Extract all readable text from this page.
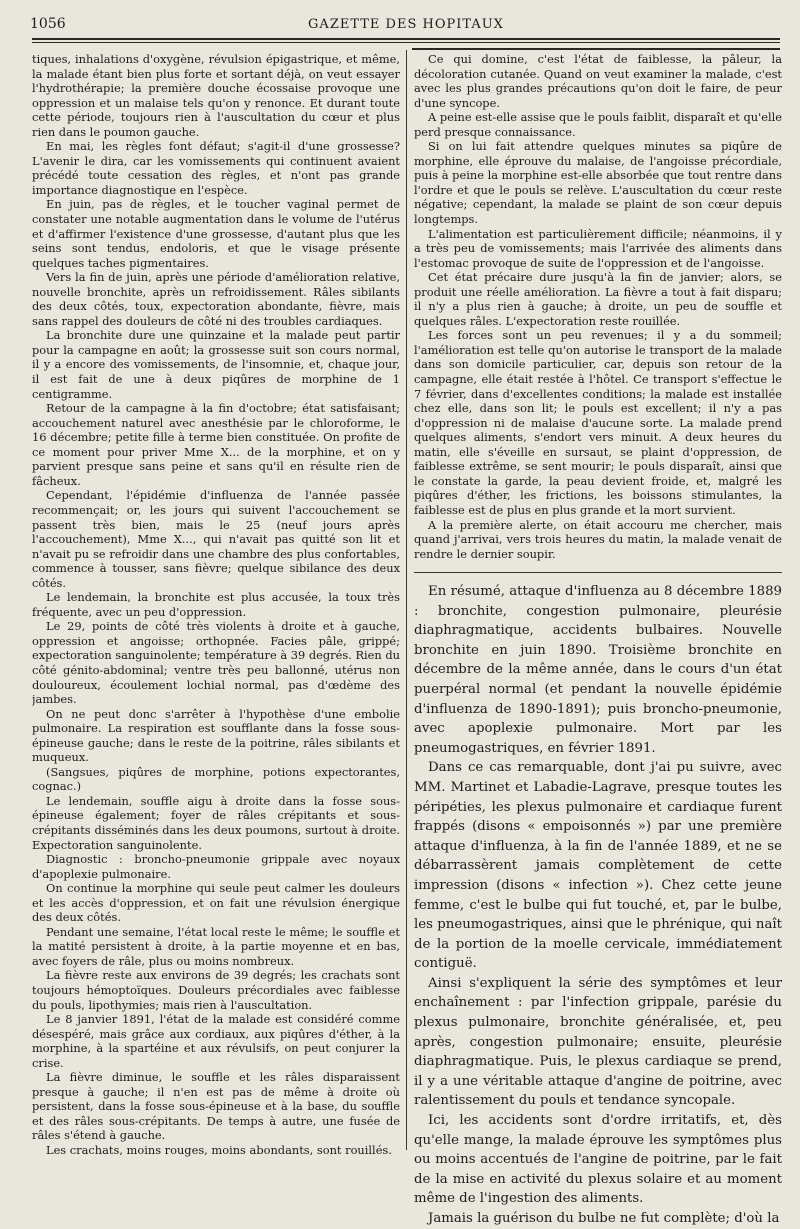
1056	GAZETTE DES HOPITAUX

tiques, inhalations d'oxygène, révulsion épigastrique, et même, la malade étant bien plus forte et sortant déjà, on veut essayer l'hydrothérapie; la première douche écossaise provoque une oppression et un malaise tels qu'on y renonce. Et durant toute cette période, toujours rien à l'auscultation du cœur et plus rien dans le poumon gauche.

En mai, les règles font défaut; s'agit-il d'une grossesse? L'avenir le dira, car les vomissements qui continuent avaient précédé toute cessation des règles, et n'ont pas grande importance diagnostique en l'espèce.

En juin, pas de règles, et le toucher vaginal permet de constater une notable augmentation dans le volume de l'utérus et d'affirmer l'existence d'une grossesse, d'autant plus que les seins sont tendus, endoloris, et que le visage présente quelques taches pigmentaires.

Vers la fin de juin, après une période d'amélioration relative, nouvelle bronchite, après un refroidissement. Râles sibilants des deux côtés, toux, expectoration abondante, fièvre, mais sans rappel des douleurs de côté ni des troubles cardiaques.

La bronchite dure une quinzaine et la malade peut partir pour la campagne en août; la grossesse suit son cours normal, il y a encore des vomissements, de l'insomnie, et, chaque jour, il est fait de une à deux piqûres de morphine de 1 centigramme.

Retour de la campagne à la fin d'octobre; état satisfaisant; accouchement naturel avec anesthésie par le chloroforme, le 16 décembre; petite fille à terme bien constituée. On profite de ce moment pour priver Mme X... de la morphine, et on y parvient presque sans peine et sans qu'il en résulte rien de fâcheux.

Cependant, l'épidémie d'influenza de l'année passée recommençait; or, les jours qui suivent l'accouchement se passent très bien, mais le 25 (neuf jours après l'accouchement), Mme X..., qui n'avait pas quitté son lit et n'avait pu se refroidir dans une chambre des plus confortables, commence à tousser, sans fièvre; quelque sibilance des deux côtés.

Le lendemain, la bronchite est plus accusée, la toux très fréquente, avec un peu d'oppression.

Le 29, points de côté très violents à droite et à gauche, oppression et angoisse; orthopnée. Facies pâle, grippé; expectoration sanguinolente; température à 39 degrés. Rien du côté génito-abdominal; ventre très peu ballonné, utérus non douloureux, écoulement lochial normal, pas d'œdème des jambes.

On ne peut donc s'arrêter à l'hypothèse d'une embolie pulmonaire. La respiration est soufflante dans la fosse sous-épineuse gauche; dans le reste de la poitrine, râles sibilants et muqueux.

(Sangsues, piqûres de morphine, potions expectorantes, cognac.)

Le lendemain, souffle aigu à droite dans la fosse sous-épineuse également; foyer de râles crépitants et sous-crépitants disséminés dans les deux poumons, surtout à droite. Expectoration sanguinolente.

Diagnostic : broncho-pneumonie grippale avec noyaux d'apoplexie pulmonaire.

On continue la morphine qui seule peut calmer les douleurs et les accès d'oppression, et on fait une révulsion énergique des deux côtés.

Pendant une semaine, l'état local reste le même; le souffle et la matité persistent à droite, à la partie moyenne et en bas, avec foyers de râle, plus ou moins nombreux.

La fièvre reste aux environs de 39 degrés; les crachats sont toujours hémoptoïques. Douleurs précordiales avec faiblesse du pouls, lipothymies; mais rien à l'auscultation.

Le 8 janvier 1891, l'état de la malade est considéré comme désespéré, mais grâce aux cordiaux, aux piqûres d'éther, à la morphine, à la spartéine et aux révulsifs, on peut conjurer la crise.

La fièvre diminue, le souffle et les râles disparaissent presque à gauche; il n'en est pas de même à droite où persistent, dans la fosse sous-épineuse et à la base, du souffle et des râles sous-crépitants. De temps à autre, une fusée de râles s'étend à gauche.

Les crachats, moins rouges, moins abondants, sont rouillés.

Ce qui domine, c'est l'état de faiblesse, la pâleur, la décoloration cutanée. Quand on veut examiner la malade, c'est avec les plus grandes précautions qu'on doit le faire, de peur d'une syncope.

A peine est-elle assise que le pouls faiblit, disparaît et qu'elle perd presque connaissance.

Si on lui fait attendre quelques minutes sa piqûre de morphine, elle éprouve du malaise, de l'angoisse précordiale, puis à peine la morphine est-elle absorbée que tout rentre dans l'ordre et que le pouls se relève. L'auscultation du cœur reste négative; cependant, la malade se plaint de son cœur depuis longtemps.

L'alimentation est particulièrement difficile; néanmoins, il y a très peu de vomissements; mais l'arrivée des aliments dans l'estomac provoque de suite de l'oppression et de l'angoisse.

Cet état précaire dure jusqu'à la fin de janvier; alors, se produit une réelle amélioration. La fièvre a tout à fait disparu; il n'y a plus rien à gauche; à droite, un peu de souffle et quelques râles. L'expectoration reste rouillée.

Les forces sont un peu revenues; il y a du sommeil; l'amélioration est telle qu'on autorise le transport de la malade dans son domicile particulier, car, depuis son retour de la campagne, elle était restée à l'hôtel. Ce transport s'effectue le 7 février, dans d'excellentes conditions; la malade est installée chez elle, dans son lit; le pouls est excellent; il n'y a pas d'oppression ni de malaise d'aucune sorte. La malade prend quelques aliments, s'endort vers minuit. A deux heures du matin, elle s'éveille en sursaut, se plaint d'oppression, de faiblesse extrême, se sent mourir; le pouls disparaît, ainsi que le constate la garde, la peau devient froide, et, malgré les piqûres d'éther, les frictions, les boissons stimulantes, la faiblesse est de plus en plus grande et la mort survient.

A la première alerte, on était accouru me chercher, mais quand j'arrivai, vers trois heures du matin, la malade venait de rendre le dernier soupir.

En résumé, attaque d'influenza au 8 décembre 1889 : bronchite, congestion pulmonaire, pleurésie diaphragmatique, accidents bulbaires. Nouvelle bronchite en juin 1890. Troisième bronchite en décembre de la même année, dans le cours d'un état puerpéral normal (et pendant la nouvelle épidémie d'influenza de 1890-1891); puis broncho-pneumonie, avec apoplexie pulmonaire. Mort par les pneumogastriques, en février 1891.

Dans ce cas remarquable, dont j'ai pu suivre, avec MM. Martinet et Labadie-Lagrave, presque toutes les péripéties, les plexus pulmonaire et cardiaque furent frappés (disons « empoisonnés ») par une première attaque d'influenza, à la fin de l'année 1889, et ne se débarrassèrent jamais complètement de cette impression (disons « infection »). Chez cette jeune femme, c'est le bulbe qui fut touché, et, par le bulbe, les pneumogastriques, ainsi que le phrénique, qui naît de la portion de la moelle cervicale, immédiatement contiguë.

Ainsi s'expliquent la série des symptômes et leur enchaînement : par l'infection grippale, parésie du plexus pulmonaire, bronchite généralisée, et, peu après, congestion pulmonaire; ensuite, pleurésie diaphragmatique. Puis, le plexus cardiaque se prend, il y a une véritable attaque d'angine de poitrine, avec ralentissement du pouls et tendance syncopale.

Ici, les accidents sont d'ordre irritatifs, et, dès qu'elle mange, la malade éprouve les symptômes plus ou moins accentués de l'angine de poitrine, par le fait de la mise en activité du plexus solaire et au moment même de l'ingestion des aliments.

Jamais la guérison du bulbe ne fut complète; d'où la
